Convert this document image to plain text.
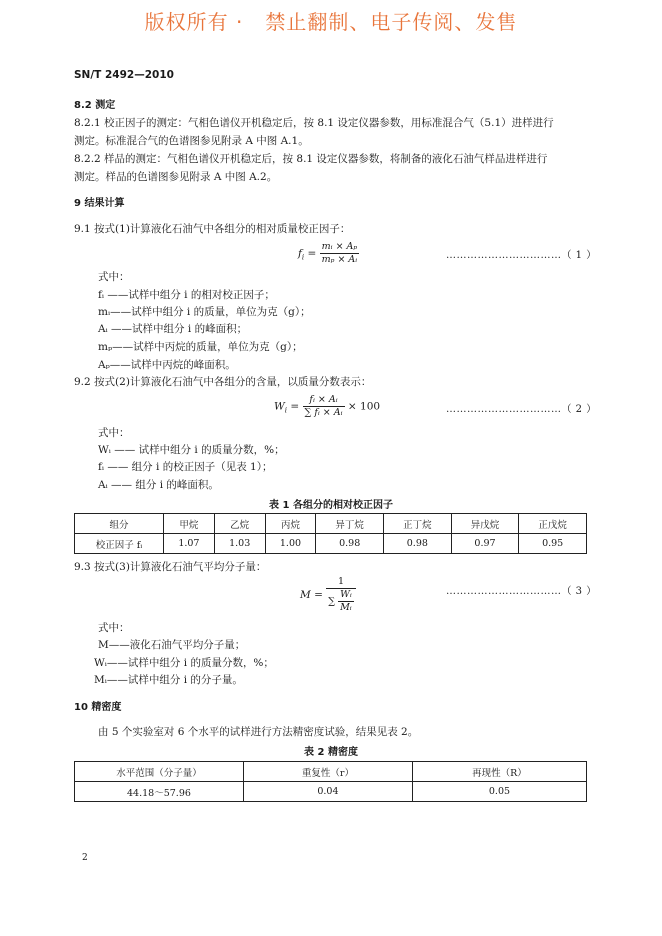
版权所有 ·   禁止翻制、电子传阅、发售
SN/T 2492—2010
8.2 测定
8.2.1 校正因子的测定：气相色谱仪开机稳定后，按 8.1 设定仪器参数，用标准混合气（5.1）进样进行
测定。标准混合气的色谱图参见附录 A 中图 A.1。
8.2.2 样品的测定：气相色谱仪开机稳定后，按 8.1 设定仪器参数，将制备的液化石油气样品进样进行
测定。样品的色谱图参见附录 A 中图 A.2。
9 结果计算
9.1 按式(1)计算液化石油气中各组分的相对质量校正因子：
$f_i = \frac{\text{mᵢ × Aₚ}}{\text{mₚ × Aᵢ}}$	……………………………（ 1 ）
式中：
fᵢ ——试样中组分 i 的相对校正因子；
mᵢ——试样中组分 i 的质量，单位为克（g）；
Aᵢ ——试样中组分 i 的峰面积；
mₚ——试样中丙烷的质量，单位为克（g）；
Aₚ——试样中丙烷的峰面积。
9.2 按式(2)计算液化石油气中各组分的含量，以质量分数表示：
$W_i = \frac{\text{fᵢ × Aᵢ}}{\text{∑ fᵢ × Aᵢ}} \times 100$	……………………………（ 2 ）
式中：
Wᵢ —— 试样中组分 i 的质量分数，%；
fᵢ —— 组分 i 的校正因子（见表 1）；
Aᵢ —— 组分 i 的峰面积。
表 1 各组分的相对校正因子
组分	甲烷	乙烷	丙烷	异丁烷	正丁烷	异戊烷	正戊烷
校正因子 fᵢ	1.07	1.03	1.00	0.98	0.98	0.97	0.95
9.3 按式(3)计算液化石油气平均分子量：
$M = \frac{1}{\sum \frac{\text{Wᵢ}}{\text{Mᵢ}}}$	……………………………（ 3 ）
式中：
M——液化石油气平均分子量；
Wᵢ——试样中组分 i 的质量分数，%；
Mᵢ——试样中组分 i 的分子量。
10 精密度
由 5 个实验室对 6 个水平的试样进行方法精密度试验，结果见表 2。
表 2 精密度
水平范围（分子量）	重复性（r）	再现性（R）
44.18～57.96	0.04	0.05
2
